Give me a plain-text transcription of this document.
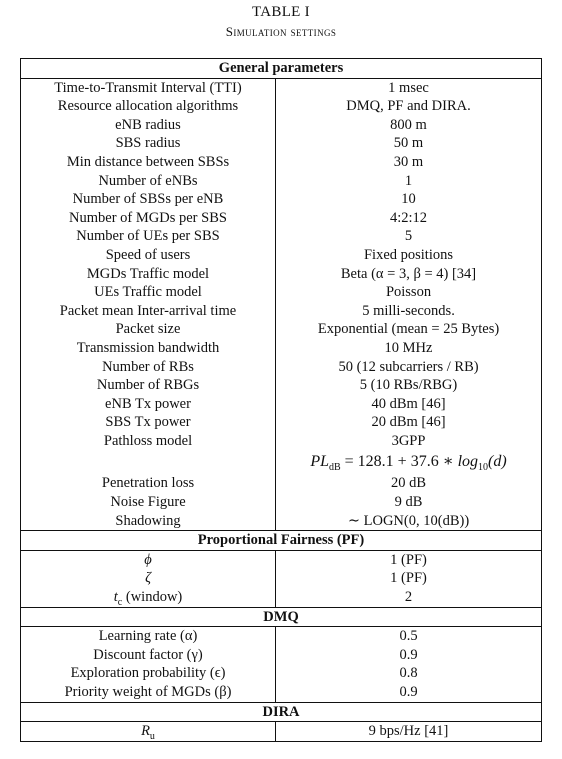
TABLE I
Simulation settings
General parameters	
Time-to-Transmit Interval (TTI)	1 msec
Resource allocation algorithms	DMQ, PF and DIRA.
eNB radius	800 m
SBS radius	50 m
Min distance between SBSs	30 m
Number of eNBs	1
Number of SBSs per eNB	10
Number of MGDs per SBS	4:2:12
Number of UEs per SBS	5
Speed of users	Fixed positions
MGDs Traffic model	Beta (α = 3, β = 4) [34]
UEs Traffic model	Poisson
Packet mean Inter-arrival time	5 milli-seconds.
Packet size	Exponential (mean = 25 Bytes)
Transmission bandwidth	10 MHz
Number of RBs	50 (12 subcarriers / RB)
Number of RBGs	5 (10 RBs/RBG)
eNB Tx power	40 dBm [46]
SBS Tx power	20 dBm [46]
Pathloss model	3GPP
	$PL_{dB} = 128.1 + 37.6$ ∗ $\log_{10}(d)$
Penetration loss	20 dB
Noise Figure	9 dB
Shadowing	∼ LOGN(0, 10(dB))
Proportional Fairness (PF)	
ϕ	1 (PF)
ζ	1 (PF)
$t_c$ (window)	2
DMQ	
Learning rate (α)	0.5
Discount factor (γ)	0.9
Exploration probability (ϵ)	0.8
Priority weight of MGDs (β)	0.9
DIRA	
$R_u$	9 bps/Hz [41]
